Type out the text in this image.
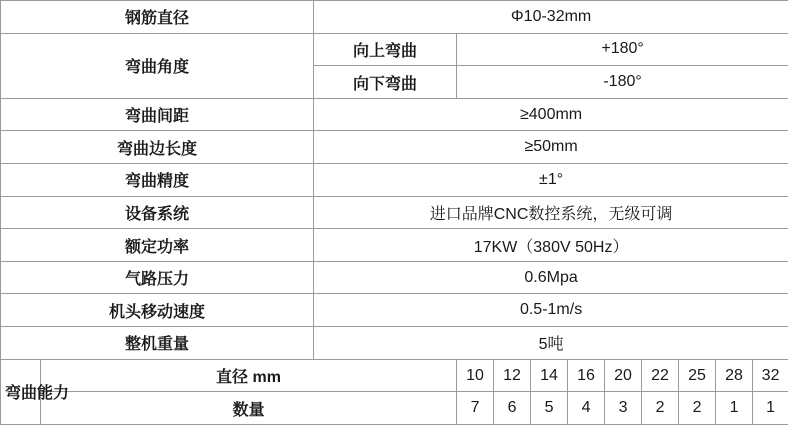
钢筋直径		Φ10-32mm									
弯曲角度		向上弯曲	+180°								
		向下弯曲	-180°								
弯曲间距		≥400mm									
弯曲边长度		≥50mm									
弯曲精度		±1°									
设备系统		进口品牌CNC数控系统，无级可调									
额定功率		17KW（380V 50Hz）									
气路压力		0.6Mpa									
机头移动速度		0.5-1m/s									
整机重量		5吨									
弯曲能力	直径 mm		10	12	14	16	20	22	25	28	32
	数量		7	6	5	4	3	2	2	1	1
